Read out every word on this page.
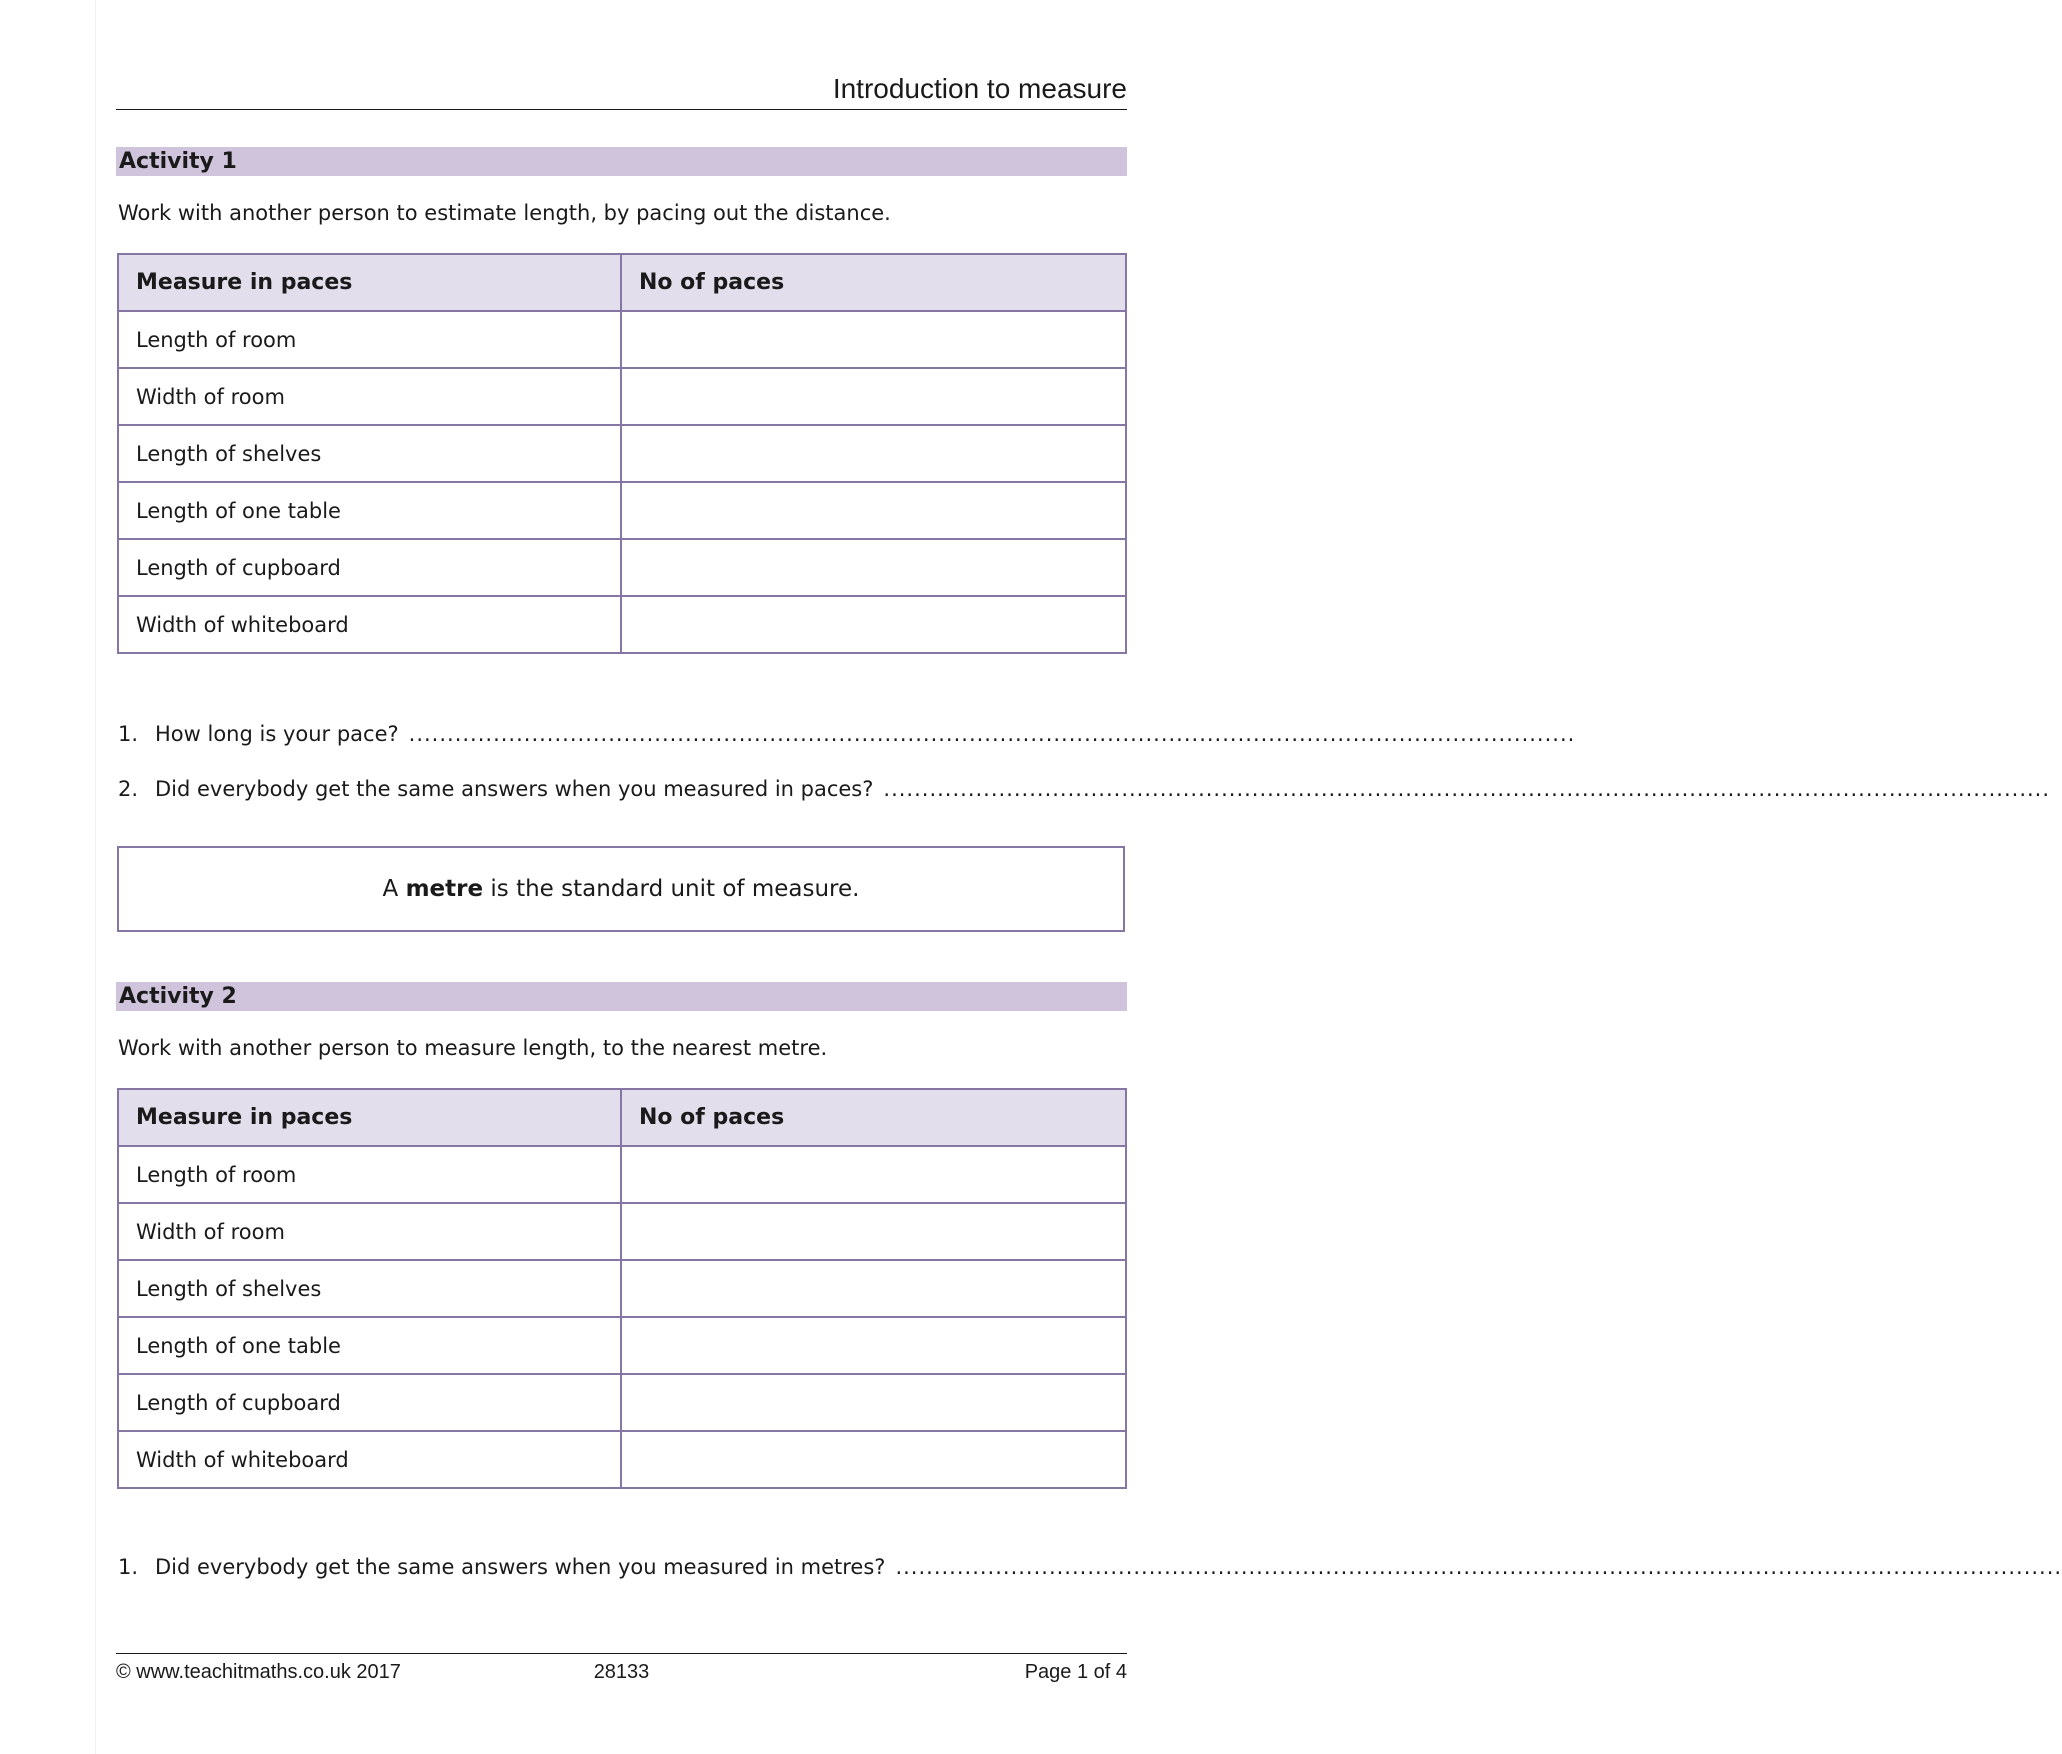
Introduction to measure
Activity 1
Work with another person to estimate length, by pacing out the distance.
Measure in paces	No of paces
Length of room	
Width of room	
Length of shelves	
Length of one table	
Length of cupboard	
Width of whiteboard	
1. How long is your pace? ........................................................................................................................................................
2. Did everybody get the same answers when you measured in paces? ........................................................................................................................................................
A metre is the standard unit of measure.
Activity 2
Work with another person to measure length, to the nearest metre.
Measure in paces	No of paces
Length of room	
Width of room	
Length of shelves	
Length of one table	
Length of cupboard	
Width of whiteboard	
1. Did everybody get the same answers when you measured in metres? ........................................................................................................................................................
© www.teachitmaths.co.uk 2017	28133	Page 1 of 4
